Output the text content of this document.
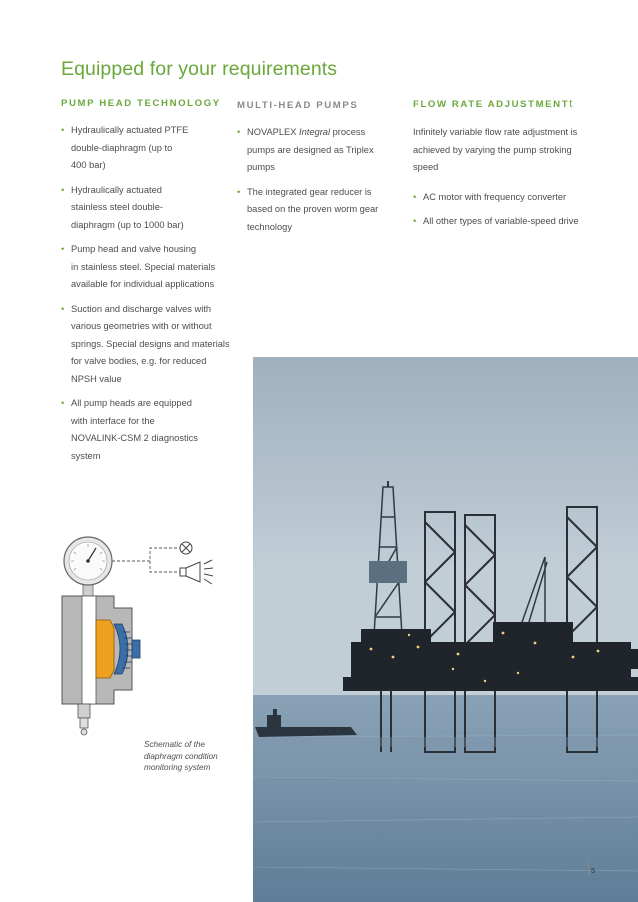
Equipped for your requirements
PUMP HEAD TECHNOLOGY
• Hydraulically actuated PTFE
double-diaphragm (up to
400 bar)
• Hydraulically actuated
stainless steel double-
diaphragm (up to 1000 bar)
• Pump head and valve housing
in stainless steel. Special materials
available for individual applications
• Suction and discharge valves with
various geometries with or without
springs. Special designs and materials
for valve bodies, e.g. for reduced
NPSH value
• All pump heads are equipped
with interface for the
NOVALINK-CSM 2 diagnostics
system
MULTI-HEAD PUMPS
• NOVAPLEX Integral process
pumps are designed as Triplex
pumps
• The integrated gear reducer is
based on the proven worm gear
technology
FLOW RATE ADJUSTMENTt

Infinitely variable flow rate adjustment is
achieved by varying the pump stroking
speed

• AC motor with frequency converter
• All other types of variable-speed drive
Schematic of the
diaphragm condition
monitoring system
5
